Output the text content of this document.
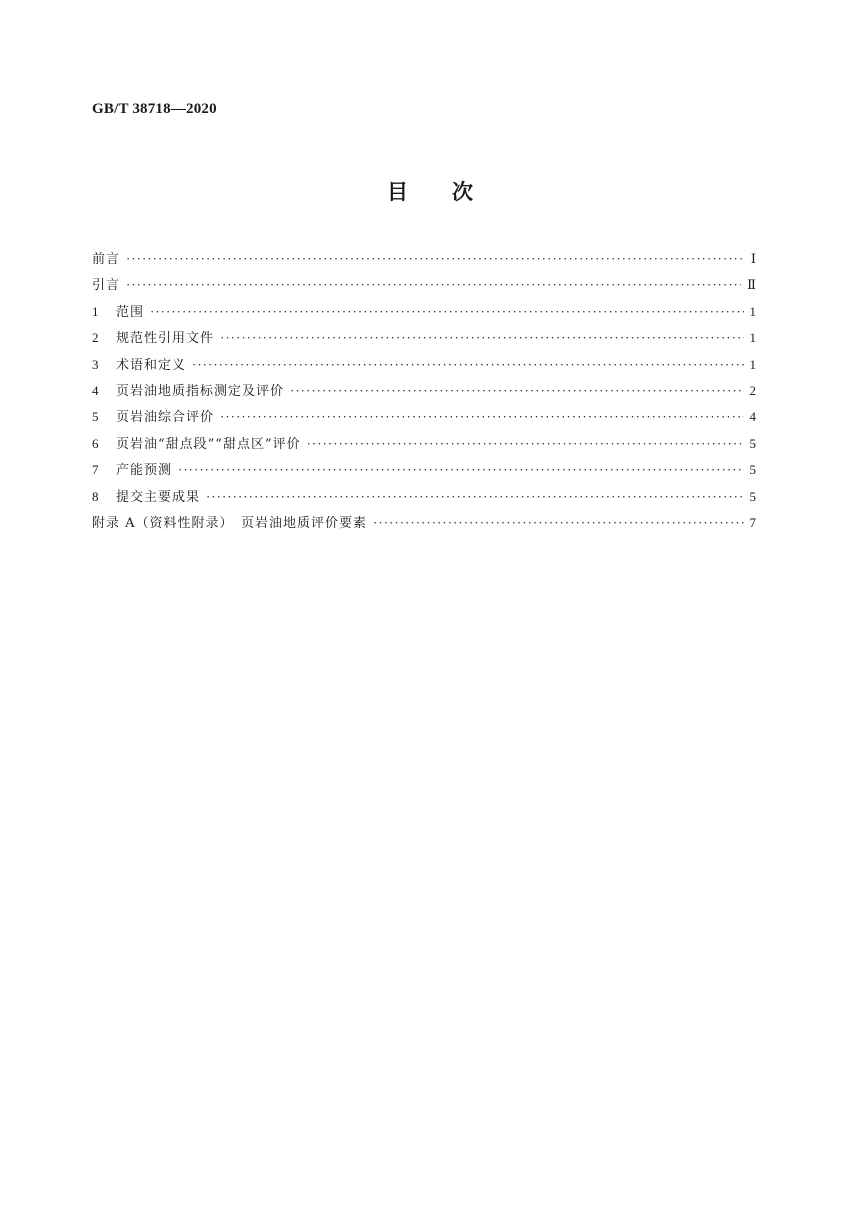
GB/T 38718—2020
目次
前言 ·····	Ⅰ
引言 ·····	Ⅱ
1	范围 ·····	1
2	规范性引用文件 ·····	1
3	术语和定义 ·····	1
4	页岩油地质指标测定及评价 ·····	2
5	页岩油综合评价 ·····	4
6	页岩油“甜点段”“甜点区”评价 ·····	5
7	产能预测 ·····	5
8	提交主要成果 ·····	5
附录 A（资料性附录）　页岩油地质评价要素 ·····	7
